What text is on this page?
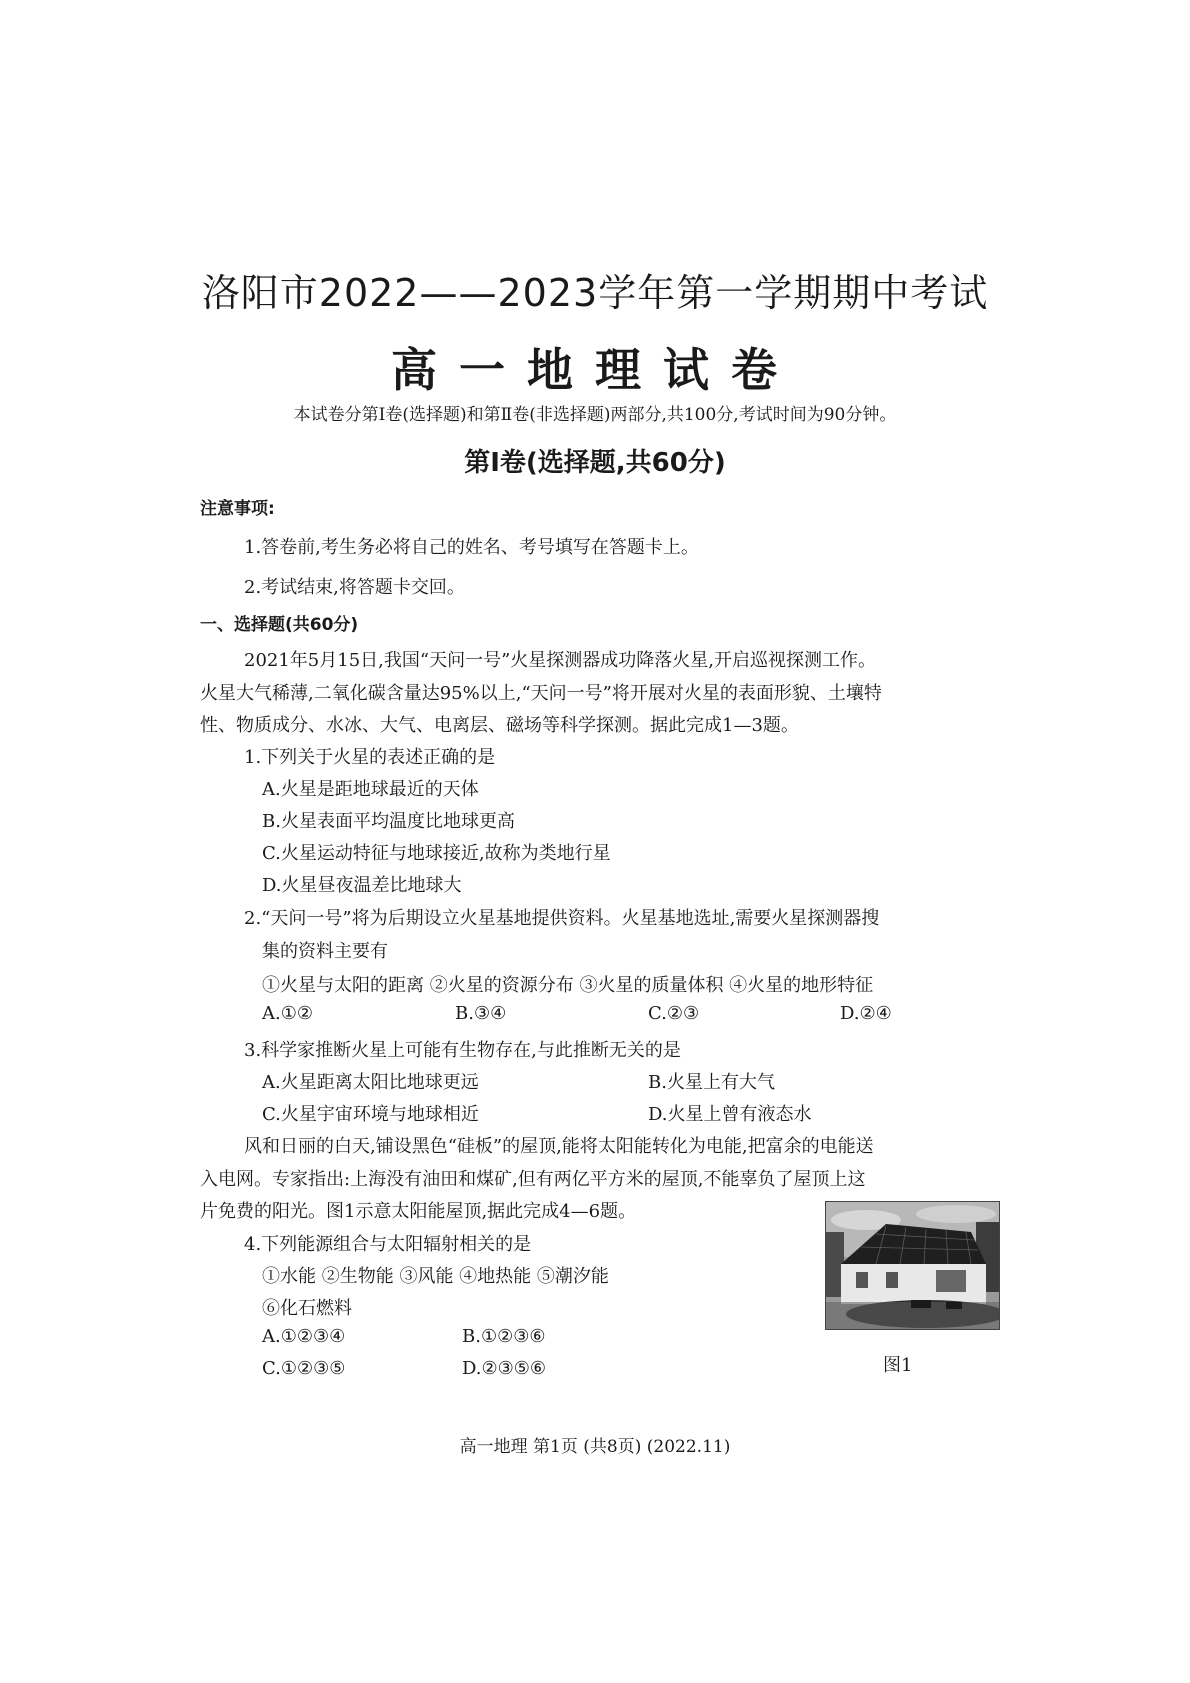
洛阳市2022——2023学年第一学期期中考试
高一地理试卷
本试卷分第Ⅰ卷(选择题)和第Ⅱ卷(非选择题)两部分,共100分,考试时间为90分钟。
第Ⅰ卷(选择题,共60分)
注意事项:
1.答卷前,考生务必将自己的姓名、考号填写在答题卡上。
2.考试结束,将答题卡交回。
一、选择题(共60分)
2021年5月15日,我国“天问一号”火星探测器成功降落火星,开启巡视探测工作。
火星大气稀薄,二氧化碳含量达95%以上,“天问一号”将开展对火星的表面形貌、土壤特
性、物质成分、水冰、大气、电离层、磁场等科学探测。据此完成1—3题。
1.下列关于火星的表述正确的是
A.火星是距地球最近的天体
B.火星表面平均温度比地球更高
C.火星运动特征与地球接近,故称为类地行星
D.火星昼夜温差比地球大
2.“天问一号”将为后期设立火星基地提供资料。火星基地选址,需要火星探测器搜
集的资料主要有
①火星与太阳的距离 ②火星的资源分布 ③火星的质量体积 ④火星的地形特征
A.①②	B.③④	C.②③	D.②④
3.科学家推断火星上可能有生物存在,与此推断无关的是
A.火星距离太阳比地球更远	B.火星上有大气
C.火星宇宙环境与地球相近	D.火星上曾有液态水
风和日丽的白天,铺设黑色“硅板”的屋顶,能将太阳能转化为电能,把富余的电能送
入电网。专家指出:上海没有油田和煤矿,但有两亿平方米的屋顶,不能辜负了屋顶上这
片免费的阳光。图1示意太阳能屋顶,据此完成4—6题。
4.下列能源组合与太阳辐射相关的是
①水能 ②生物能 ③风能 ④地热能 ⑤潮汐能
⑥化石燃料
A.①②③④	B.①②③⑥
C.①②③⑤	D.②③⑤⑥	图1
高一地理 第1页 (共8页) (2022.11)
